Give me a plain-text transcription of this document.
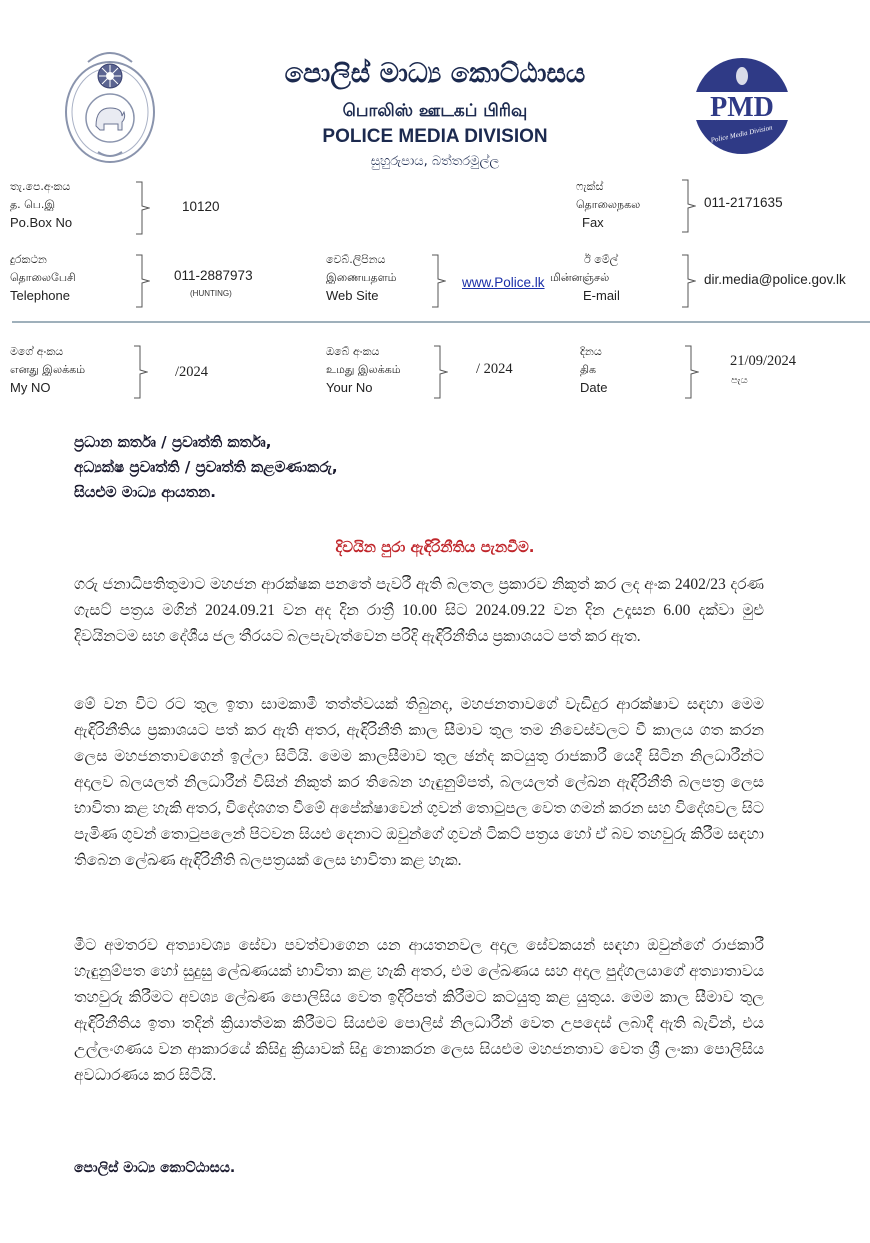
PMD
Police Media Division
පොලිස් මාධ්‍ය කොට්ඨාසය
பொலிஸ் ஊடகப் பிரிவு
POLICE MEDIA DIVISION
සුහුරුපාය, බත්තරමුල්ල
තැ.පෙ.අංකය
த. பெ.இ
Po.Box No
10120
ෆැක්ස්
தொலைநகல
Fax
011-2171635
දුරකථන
தொலைபேசி
Telephone
011-2887973
(HUNTING)
වෙබ්.ලිපිනය
இணையதளம்
Web Site
www.Police.lk
ඊ මේල්
மின்னஞ்சல்
E-mail
dir.media@police.gov.lk
මගේ අංකය
எனது இலக்கம்
My NO
/2024
ඔබේ අංකය
உமது இலக்கம்
Your No
/ 2024
දිනය
திக
Date
21/09/2024
පැය
ප්‍රධාන කර්තෘ / ප්‍රවෘත්ති කර්තෘ,
අධ්‍යක්ෂ ප්‍රවෘත්ති / ප්‍රවෘත්ති කළමණාකරු,
සියළුම මාධ්‍ය ආයතන.
දිවයින පුරා ඇඳිරිනීතිය පැනවීම.
ගරු ජනාධිපතිතුමාට මහජන ආරක්ෂක පනතේ පැවරී ඇති බලතල ප්‍රකාරව නිකුත් කර ලද අංක 2402/23 දරණ ගැසට් පත්‍රය මගින් 2024.09.21 වන අද දින රාත්‍රී 10.00 සිට 2024.09.22 වන දින උදෑසන 6.00 දක්වා මුළු දිවයිනටම සහ දේශීය ජල තීරයට බලපැවැත්වෙන පරිදි ඇඳිරිනීතිය ප්‍රකාශයට පත් කර ඇත.
මේ වන විට රට තුල ඉතා සාමකාමී තත්ත්වයක් තිබුනද, මහජනතාවගේ වැඩිදුර ආරක්ෂාව සඳහා මෙම ඇඳිරිනීතිය ප්‍රකාශයට පත් කර ඇති අතර, ඇඳිරිනීති කාල සීමාව තුල තම නිවෙස්වලට වී කාලය ගත කරන ලෙස මහජනතාවගෙන් ඉල්ලා සිටියි. මෙම කාලසීමාව තුල ඡන්ද කටයුතු රාජකාරී යෙදී සිටින නිලධාරීන්ට අදාලව බලයලත් නිලධාරීන් විසින් නිකුත් කර තිබෙන හැඳුනුම්පත්, බලයලත් ලේඛන ඇඳිරිනීති බලපත්‍ර ලෙස භාවිතා කළ හැකි අතර, විදේශගත වීමේ අපේක්ෂාවෙන් ගුවන් තොටුපල වෙත ගමන් කරන සහ විදේශවල සිට පැමිණ ගුවන් තොටුපලෙන් පිටවන සියළු දෙනාට ඔවුන්ගේ ගුවන් ටිකට් පත්‍රය හෝ ඒ බව තහවුරු කිරීම සඳහා තිබෙන ලේඛණ ඇඳිරිනීති බලපත්‍රයක් ලෙස භාවිතා කළ හැක.
මීට අමතරව අත්‍යාවශ්‍ය සේවා පවත්වාගෙන යන ආයතනවල අදාල සේවකයන් සඳහා ඔවුන්ගේ රාජකාරී හැඳුනුම්පත හෝ සුදුසු ලේඛණයක් භාවිතා කළ හැකි අතර, එම ලේඛණය සහ අදාල පුද්ගලයාගේ අත්‍යාතාවය තහවුරු කිරීමට අවශ්‍ය ලේඛණ පොලිසිය වෙත ඉදිරිපත් කිරීමට කටයුතු කළ යුතුය. මෙම කාල සීමාව තුල ඇඳිරිනීතිය ඉතා තදින් ක්‍රියාත්මක කිරීමට සියළුම පොලිස් නිලධාරීන් වෙත උපදෙස් ලබාදී ඇති බැවින්, එය උල්ලංගණය වන ආකාරයේ කිසිදු ක්‍රියාවක් සිදු නොකරන ලෙස සියළුම මහජනතාව වෙත ශ්‍රී ලංකා පොලිසිය අවධාරණය කර සිටියි.
පොලිස් මාධ්‍ය කොට්ඨාසය.
